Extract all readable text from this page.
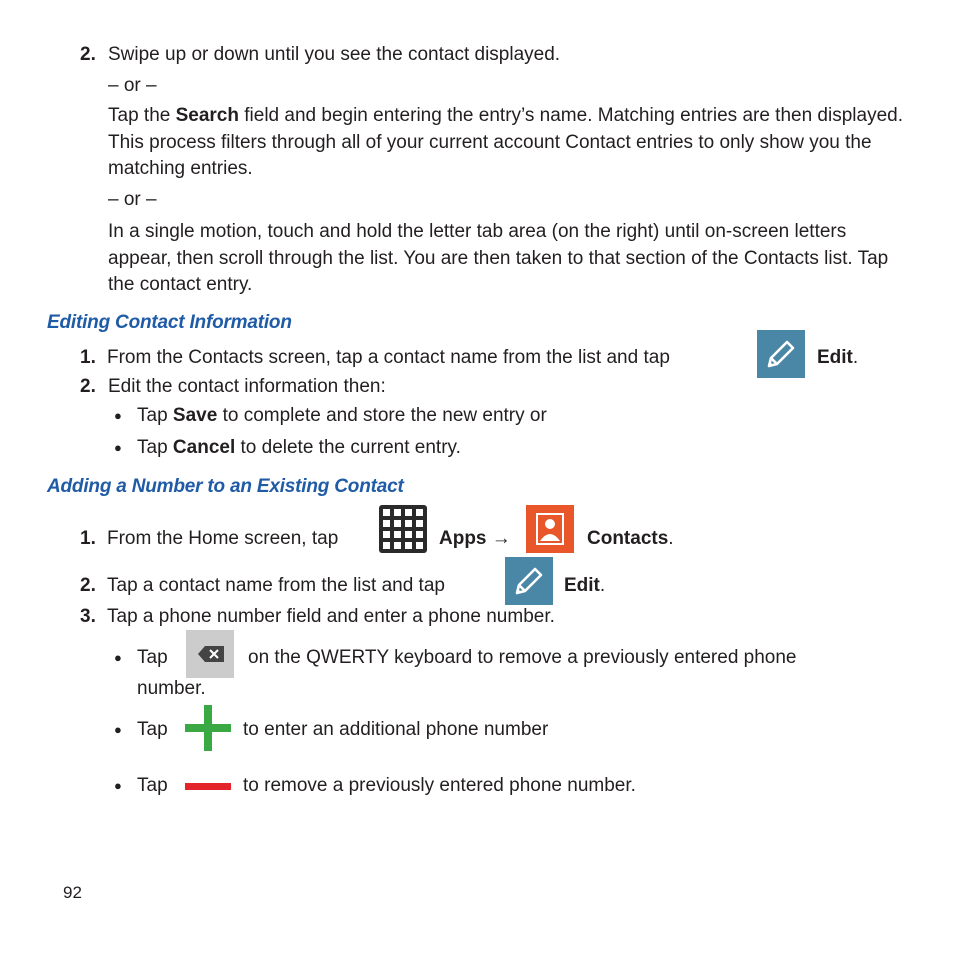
2. Swipe up or down until you see the contact displayed.
– or –
Tap the Search field and begin entering the entry’s name. Matching entries are then displayed. This process filters through all of your current account Contact entries to only show you the matching entries.
– or –
In a single motion, touch and hold the letter tab area (on the right) until on-screen letters appear, then scroll through the list. You are then taken to that section of the Contacts list. Tap the contact entry.
Editing Contact Information
1. From the Contacts screen, tap a contact name from the list and tap	Edit.
2. Edit the contact information then:
● Tap Save to complete and store the new entry or
● Tap Cancel to delete the current entry.
Adding a Number to an Existing Contact
1. From the Home screen, tap	Apps →	Contacts.
2. Tap a contact name from the list and tap	Edit.
3. Tap a phone number field and enter a phone number.
● Tap	on the QWERTY keyboard to remove a previously entered phone
number.
● Tap	to enter an additional phone number
● Tap	to remove a previously entered phone number.
92
